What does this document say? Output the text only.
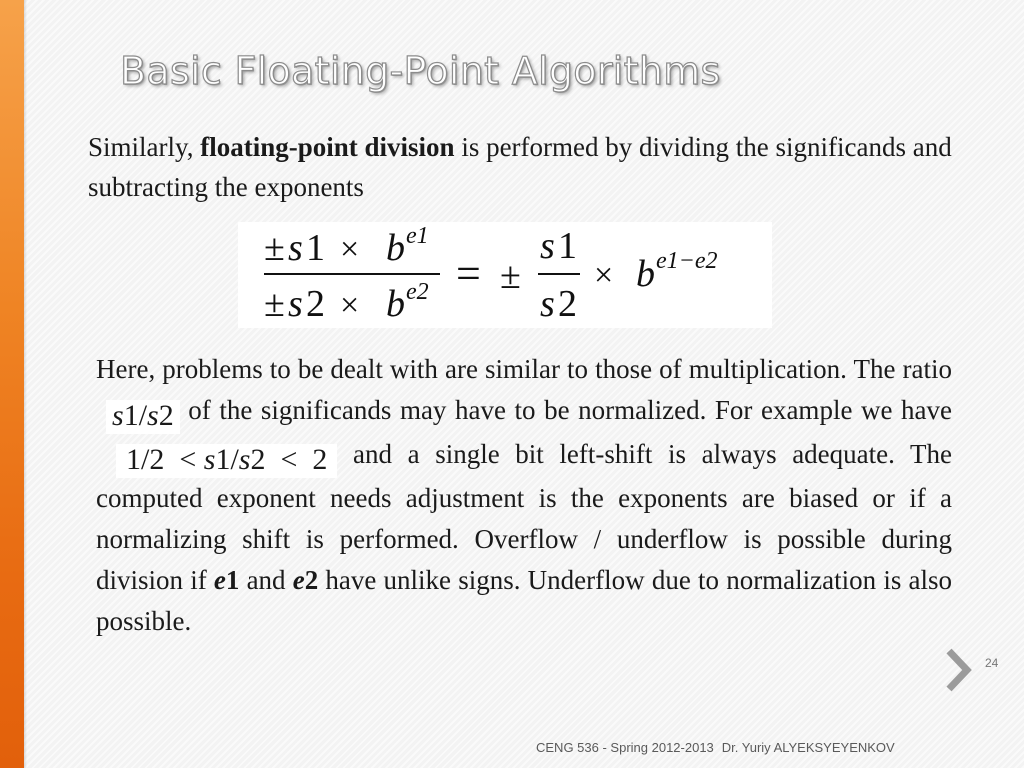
Basic Floating-Point Algorithms

Similarly, floating-point division is performed by dividing the significands and subtracting the exponents

± s 1 × b e1
± s 2 × b e2 = ±
s 1
s 2
× b e1−e2

Here, problems to be dealt with are similar to those of multiplication. The ratios1/s2 of the significands may have to be normalized. For example we have1/2  < s1/s2  <  2 and a single bit left-shift is always adequate. The computed exponent needs adjustment is the exponents are biased or if a normalizing shift is performed. Overflow / underflow is possible during division if e1 and e2 have unlike signs. Underflow due to normalization is also possible.

24
CENG 536 - Spring 2012-2013 Dr. Yuriy ALYEKSYEYENKOV
